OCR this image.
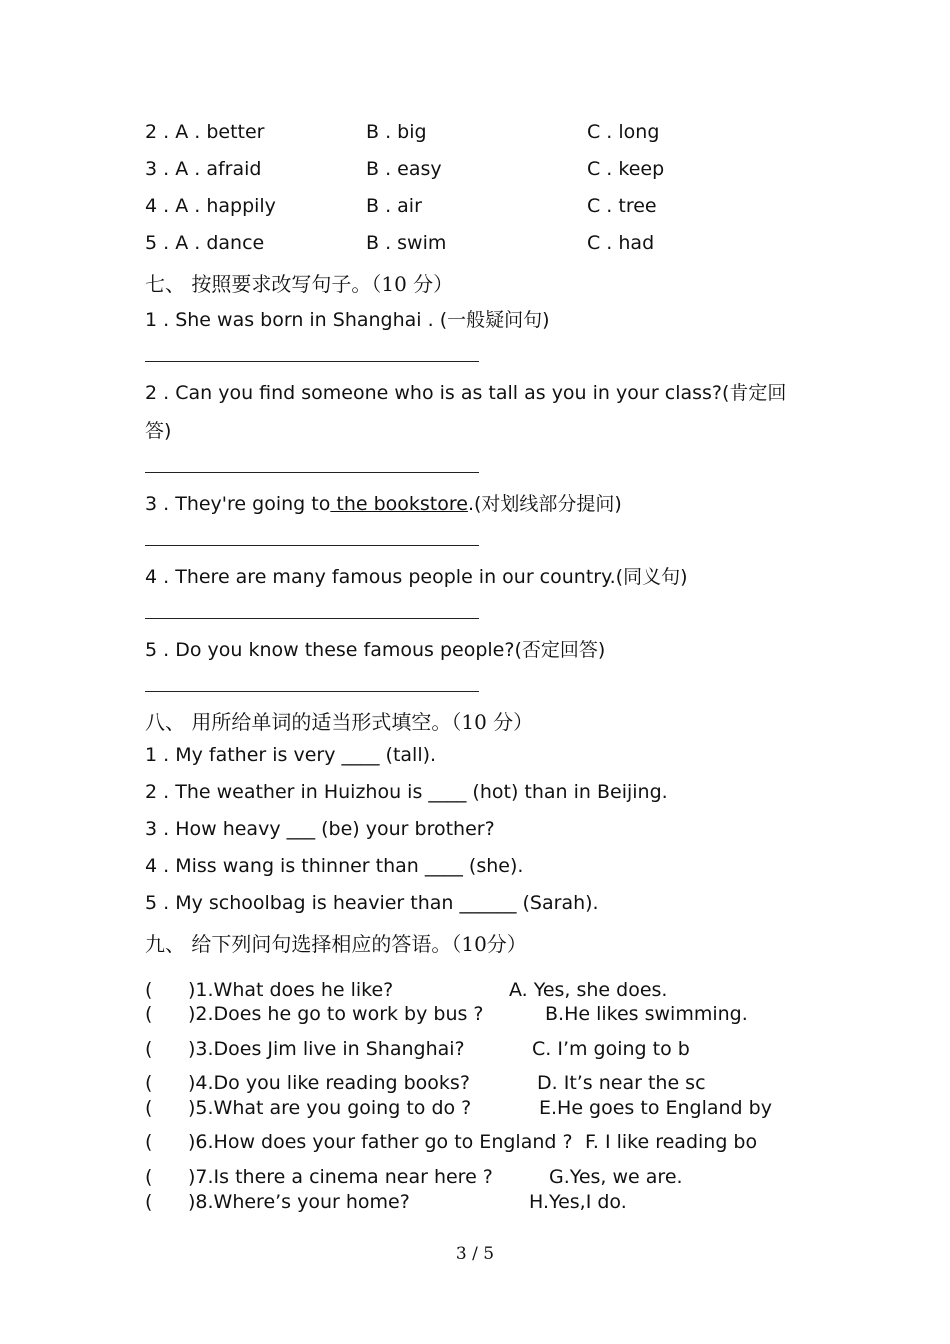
2 . A . better	B . big	C . long
3 . A . afraid	B . easy	C . keep
4 . A . happily	B . air	C . tree
5 . A . dance	B . swim	C . had
七、 按照要求改写句子。（10 分）
1 . She was born in Shanghai . (一般疑问句)
2 . Can you find someone who is as tall as you in your class?(肯定回
答)
3 . They're going to the bookstore.(对划线部分提问)
4 . There are many famous people in our country.(同义句)
5 . Do you know these famous people?(否定回答)
八、 用所给单词的适当形式填空。（10 分）
1 . My father is very ____ (tall).
2 . The weather in Huizhou is ____ (hot) than in Beijing.
3 . How heavy ___ (be) your brother?
4 . Miss wang is thinner than ____ (she).
5 . My schoolbag is heavier than ______ (Sarah).
九、 给下列问句选择相应的答语。（10分）
( )1.What does he like?	A. Yes, she does.
( )2.Does he go to work by bus ?	B.He likes swimming.
( )3.Does Jim live in Shanghai?	C. I’m going to b
( )4.Do you like reading books?	D. It’s near the sc
( )5.What are you going to do ?	E.He goes to England by
( )6.How does your father go to England ? F. I like reading bo
( )7.Is there a cinema near here ?	G.Yes, we are.
( )8.Where’s your home?	H.Yes,I do.
3 / 5
